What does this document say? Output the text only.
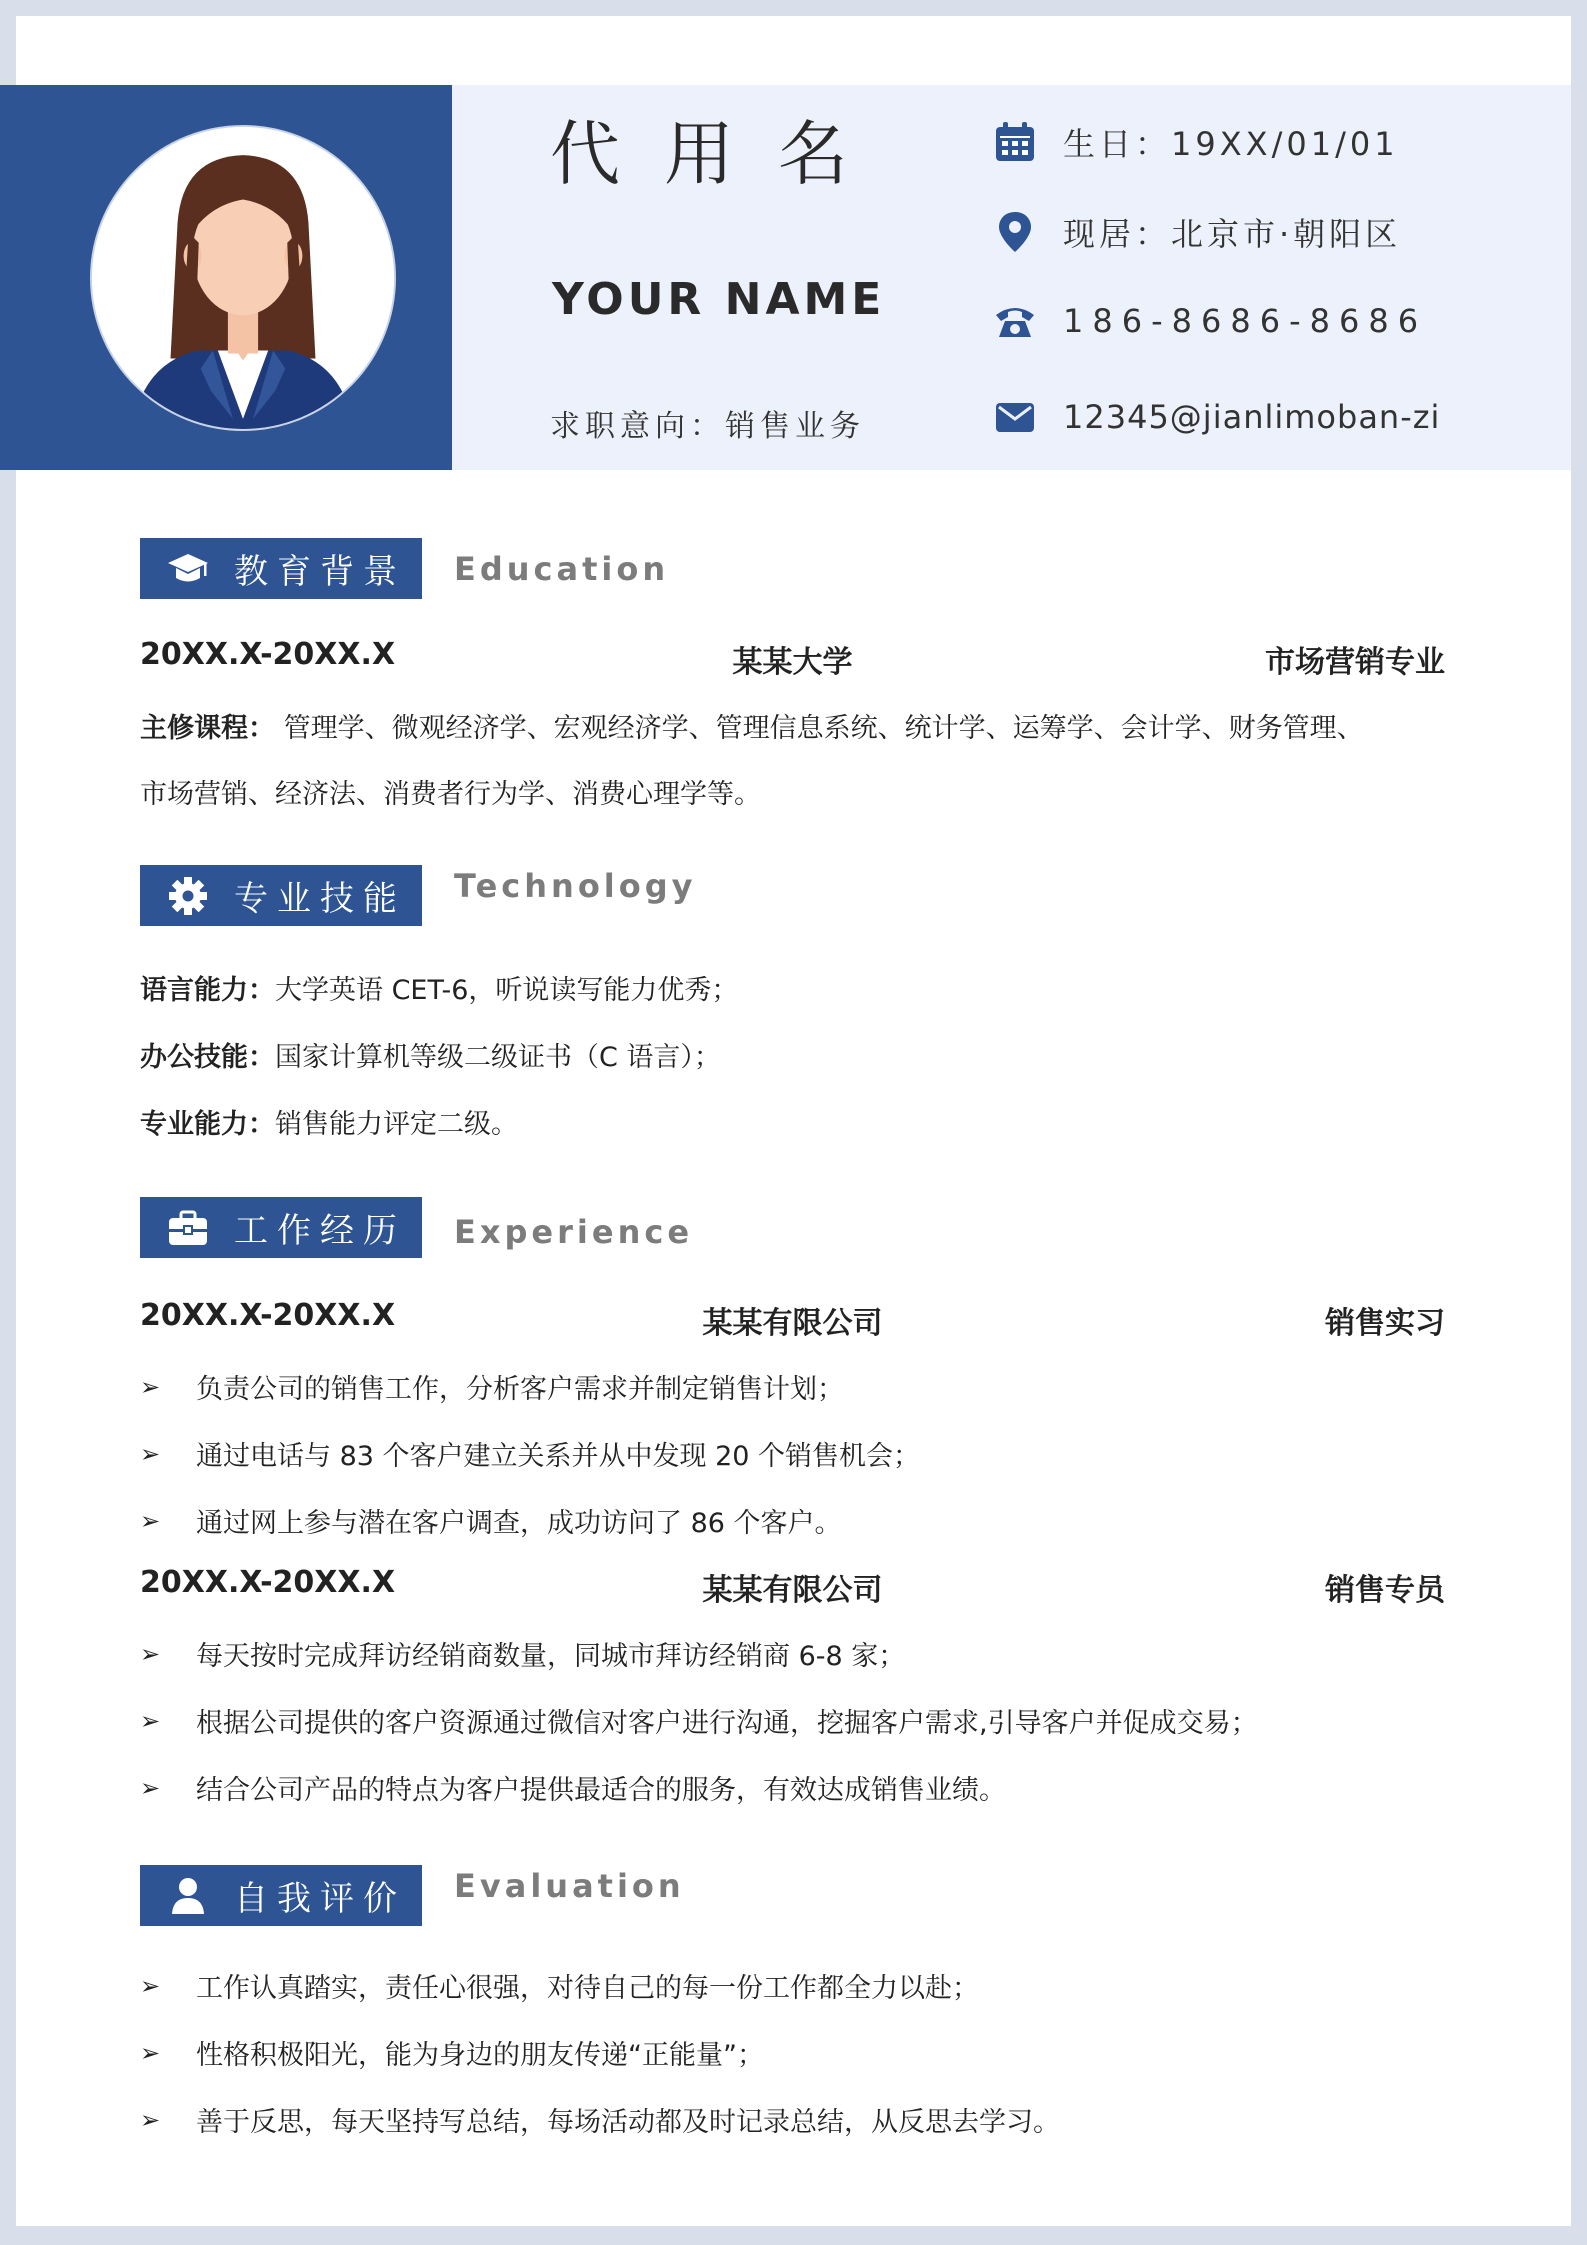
代用名
YOUR NAME
求职意向：销售业务
生日：19XX/01/01
现居：北京市·朝阳区
186-8686-8686
12345@jianlimoban-zi
教育背景 Education
20XX.X-20XX.X	某某大学	市场营销专业
主修课程： 管理学、微观经济学、宏观经济学、管理信息系统、统计学、运筹学、会计学、财务管理、
市场营销、经济法、消费者行为学、消费心理学等。
专业技能 Technology
语言能力：大学英语 CET-6，听说读写能力优秀；
办公技能：国家计算机等级二级证书（C 语言）；
专业能力：销售能力评定二级。
工作经历 Experience
20XX.X-20XX.X	某某有限公司	销售实习
➢	负责公司的销售工作，分析客户需求并制定销售计划；
➢	通过电话与 83 个客户建立关系并从中发现 20 个销售机会；
➢	通过网上参与潜在客户调查，成功访问了 86 个客户。
20XX.X-20XX.X	某某有限公司	销售专员
➢	每天按时完成拜访经销商数量，同城市拜访经销商 6-8 家；
➢	根据公司提供的客户资源通过微信对客户进行沟通，挖掘客户需求,引导客户并促成交易；
➢	结合公司产品的特点为客户提供最适合的服务，有效达成销售业绩。
自我评价 Evaluation
➢	工作认真踏实，责任心很强，对待自己的每一份工作都全力以赴；
➢	性格积极阳光，能为身边的朋友传递“正能量”；
➢	善于反思，每天坚持写总结，每场活动都及时记录总结，从反思去学习。
